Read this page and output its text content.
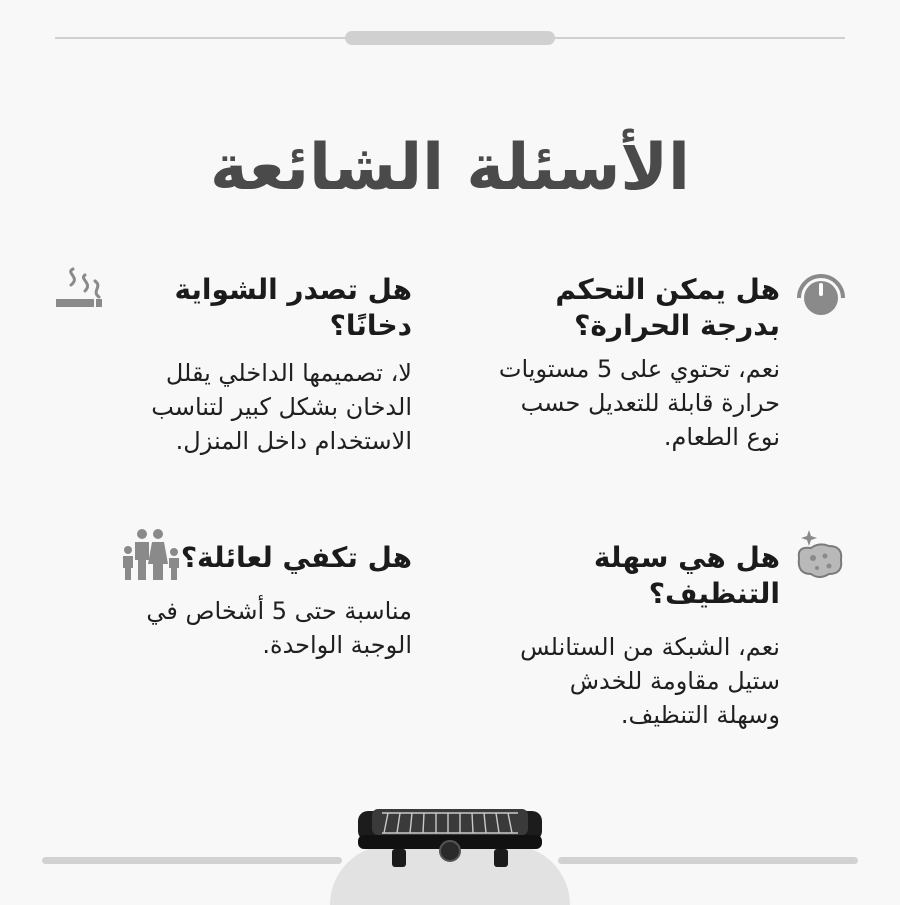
الأسئلة الشائعة

هل يمكن التحكم

بدرجة الحرارة؟

نعم، تحتوي على 5 مستويات

حرارة قابلة للتعديل حسب

نوع الطعام.

هل تصدر الشواية دخانًا؟

لا، تصميمها الداخلي يقلل

الدخان بشكل كبير لتناسب

الاستخدام داخل المنزل.

هل هي سهلة التنظيف؟

نعم، الشبكة من الستانلس

ستيل مقاومة للخدش

وسهلة التنظيف.

هل تكفي لعائلة؟

مناسبة حتى 5 أشخاص في

الوجبة الواحدة.
